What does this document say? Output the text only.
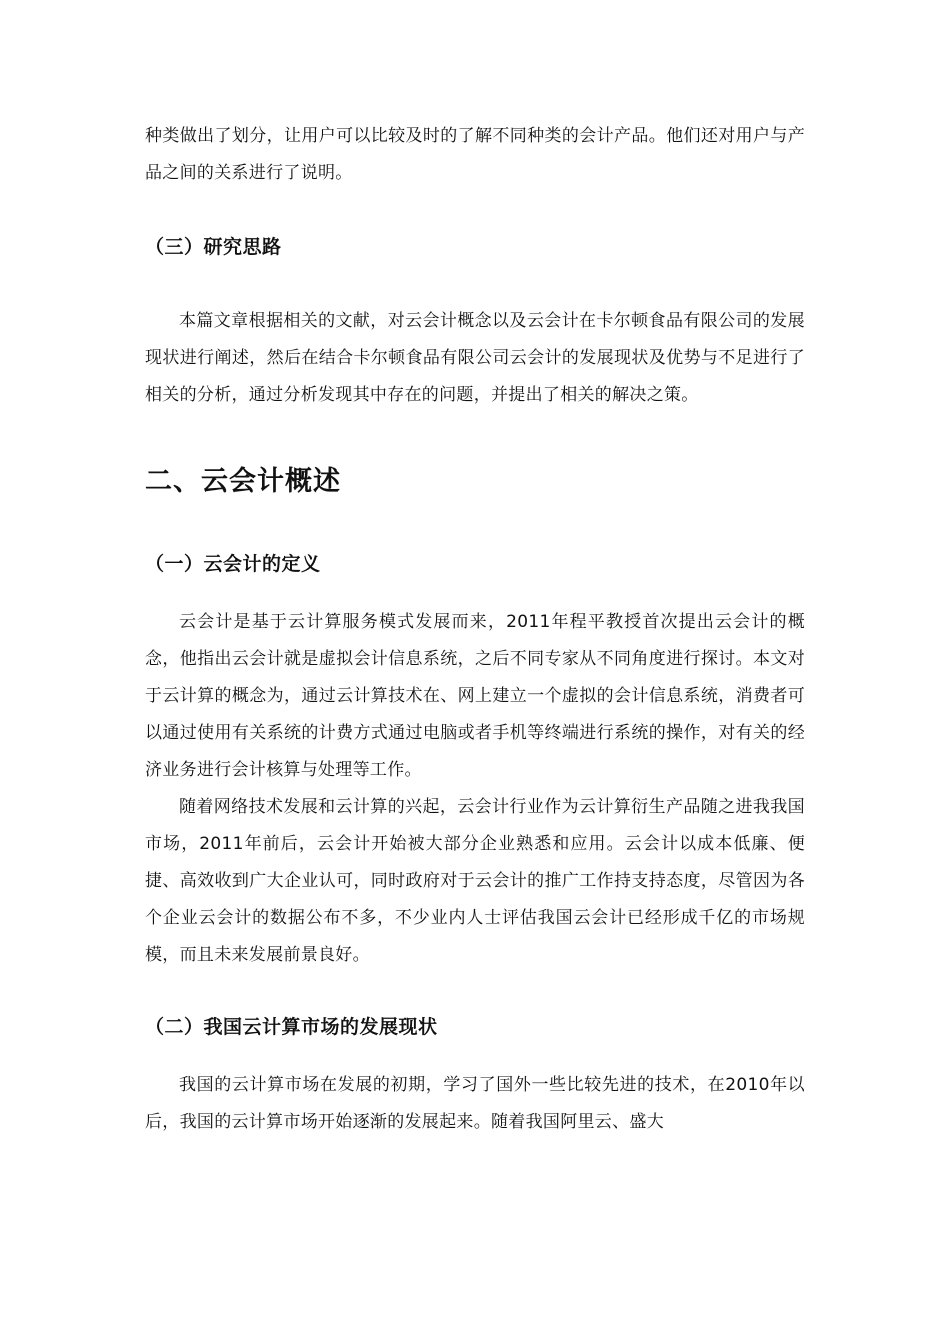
种类做出了划分，让用户可以比较及时的了解不同种类的会计产品。他们还对用户与产品之间的关系进行了说明。

（三）研究思路

本篇文章根据相关的文献，对云会计概念以及云会计在卡尔顿食品有限公司的发展现状进行阐述，然后在结合卡尔顿食品有限公司云会计的发展现状及优势与不足进行了相关的分析，通过分析发现其中存在的问题，并提出了相关的解决之策。

二、云会计概述

（一）云会计的定义

云会计是基于云计算服务模式发展而来，2011年程平教授首次提出云会计的概念，他指出云会计就是虚拟会计信息系统，之后不同专家从不同角度进行探讨。本文对于云计算的概念为，通过云计算技术在、网上建立一个虚拟的会计信息系统，消费者可以通过使用有关系统的计费方式通过电脑或者手机等终端进行系统的操作，对有关的经济业务进行会计核算与处理等工作。

随着网络技术发展和云计算的兴起，云会计行业作为云计算衍生产品随之进我我国市场，2011年前后，云会计开始被大部分企业熟悉和应用。云会计以成本低廉、便捷、高效收到广大企业认可，同时政府对于云会计的推广工作持支持态度，尽管因为各个企业云会计的数据公布不多，不少业内人士评估我国云会计已经形成千亿的市场规模，而且未来发展前景良好。

（二）我国云计算市场的发展现状

我国的云计算市场在发展的初期，学习了国外一些比较先进的技术，在2010年以后，我国的云计算市场开始逐渐的发展起来。随着我国阿里云、盛大
